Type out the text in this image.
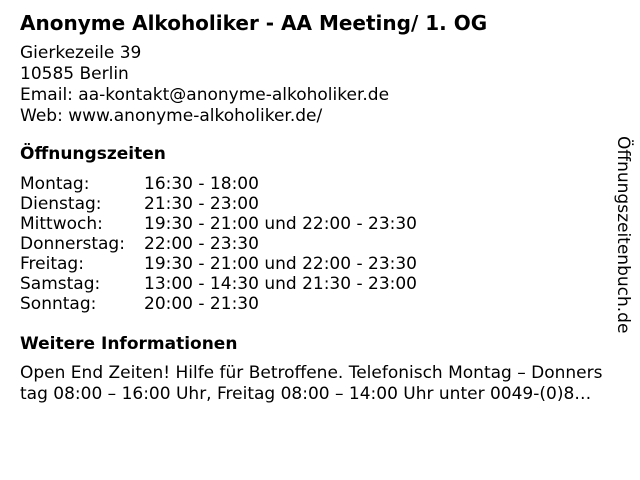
Anonyme Alkoholiker - AA Meeting/ 1. OG
Gierkezeile 39
10585 Berlin
Email: aa-kontakt@anonyme-alkoholiker.de
Web: www.anonyme-alkoholiker.de/
Öffnungszeiten
Montag:	16:30 - 18:00
Dienstag:	21:30 - 23:00
Mittwoch:	19:30 - 21:00 und 22:00 - 23:30
Donnerstag:	22:00 - 23:30
Freitag:	19:30 - 21:00 und 22:00 - 23:30
Samstag:	13:00 - 14:30 und 21:30 - 23:00
Sonntag:	20:00 - 21:30
Weitere Informationen
Open End Zeiten! Hilfe für Betroffene. Telefonisch Montag – Donners
tag 08:00 – 16:00 Uhr, Freitag 08:00 – 14:00 Uhr unter 0049-(0)8…
Öffnungszeitenbuch.de
